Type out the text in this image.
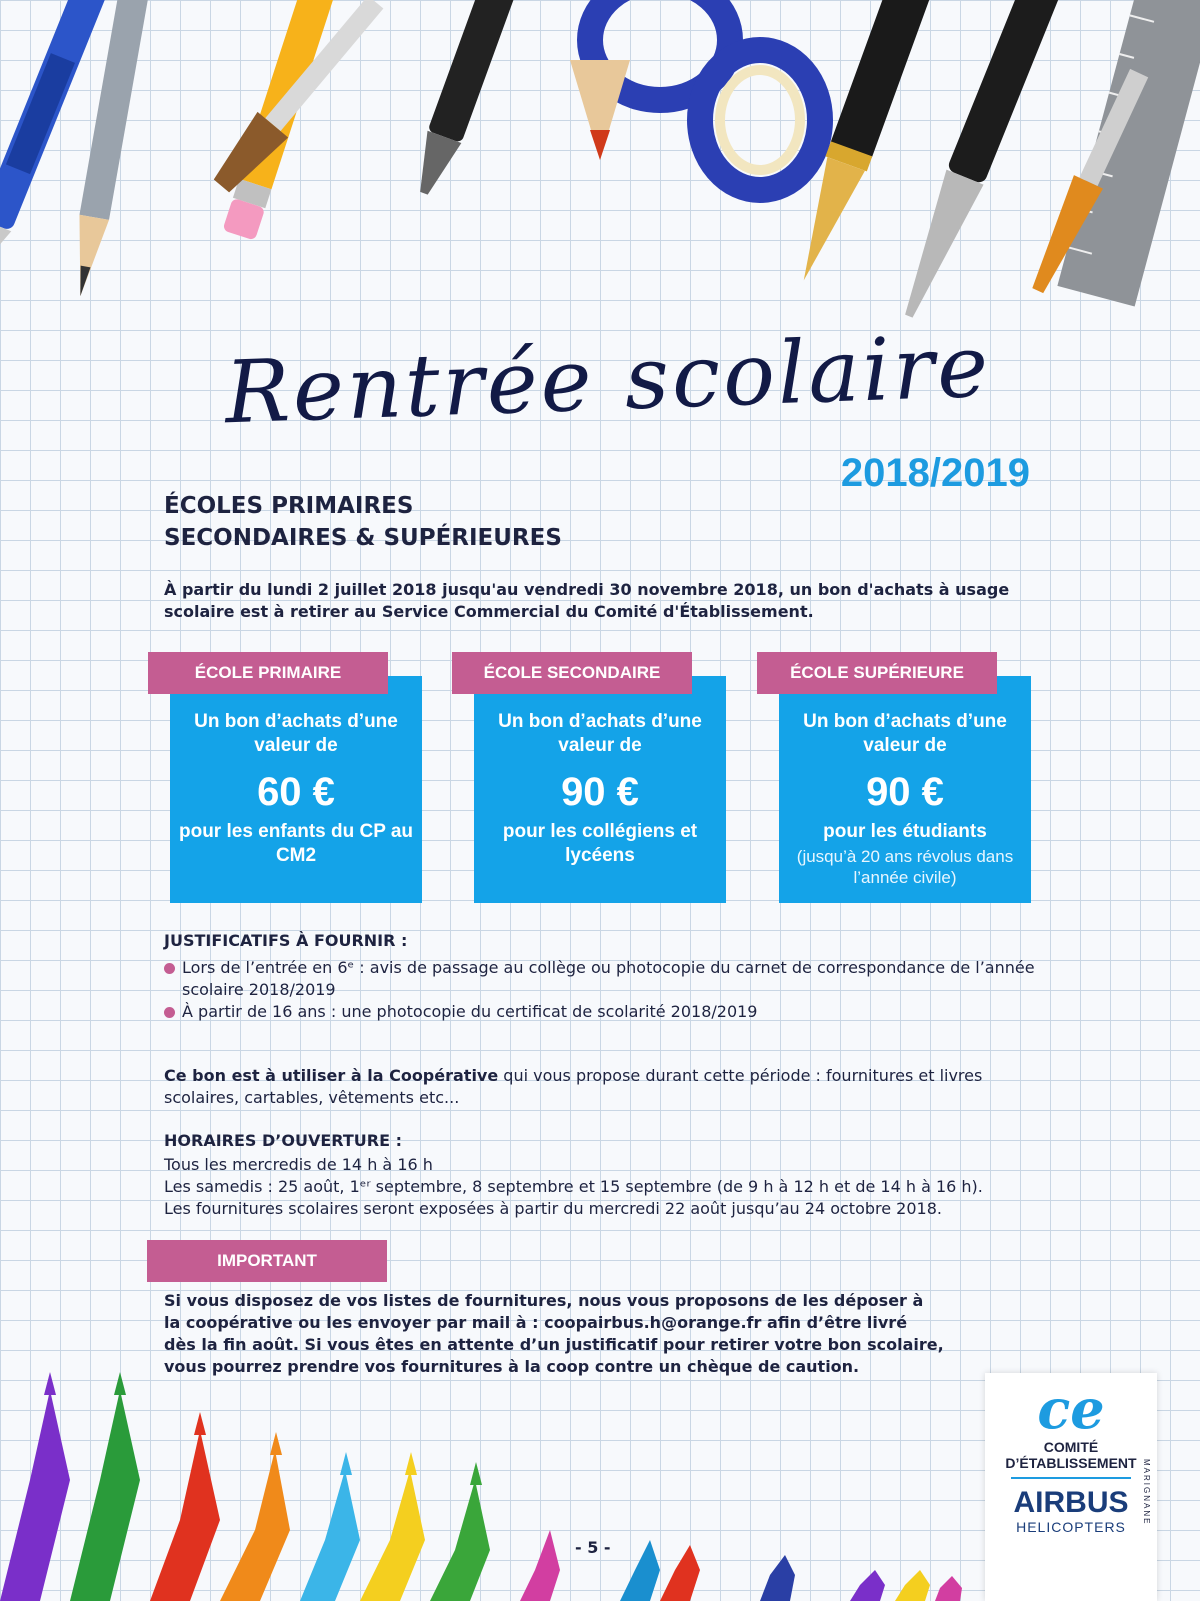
Rentrée scolaire
2018/2019
ÉCOLES PRIMAIRES
SECONDAIRES & SUPÉRIEURES
À partir du lundi 2 juillet 2018 jusqu'au vendredi 30 novembre 2018, un bon d'achats à usage scolaire est à retirer au Service Commercial du Comité d'Établissement.
ÉCOLE PRIMAIRE
Un bon d’achats d’une valeur de
60 €
pour les enfants du CP au CM2
ÉCOLE SECONDAIRE
Un bon d’achats d’une valeur de
90 €
pour les collégiens et lycéens
ÉCOLE SUPÉRIEURE
Un bon d’achats d’une valeur de
90 €
pour les étudiants
(jusqu’à 20 ans révolus dans l’année civile)
JUSTIFICATIFS À FOURNIR :
Lors de l’entrée en 6ᵉ : avis de passage au collège ou photocopie du carnet de correspondance de l’année scolaire 2018/2019
À partir de 16 ans : une photocopie du certificat de scolarité 2018/2019
Ce bon est à utiliser à la Coopérative qui vous propose durant cette période : fournitures et livres scolaires, cartables, vêtements etc...
HORAIRES D’OUVERTURE :
Tous les mercredis de 14 h à 16 h
Les samedis : 25 août, 1ᵉʳ septembre, 8 septembre et 15 septembre (de 9 h à 12 h et de 14 h à 16 h).
Les fournitures scolaires seront exposées à partir du mercredi 22 août jusqu’au 24 octobre 2018.
IMPORTANT
Si vous disposez de vos listes de fournitures, nous vous proposons de les déposer à la coopérative ou les envoyer par mail à : coopairbus.h@orange.fr afin d’être livré dès la fin août. Si vous êtes en attente d’un justificatif pour retirer votre bon scolaire, vous pourrez prendre vos fournitures à la coop contre un chèque de caution.
- 5 -
ce
COMITÉ D’ÉTABLISSEMENT
AIRBUS
HELICOPTERS
MARIGNANE
